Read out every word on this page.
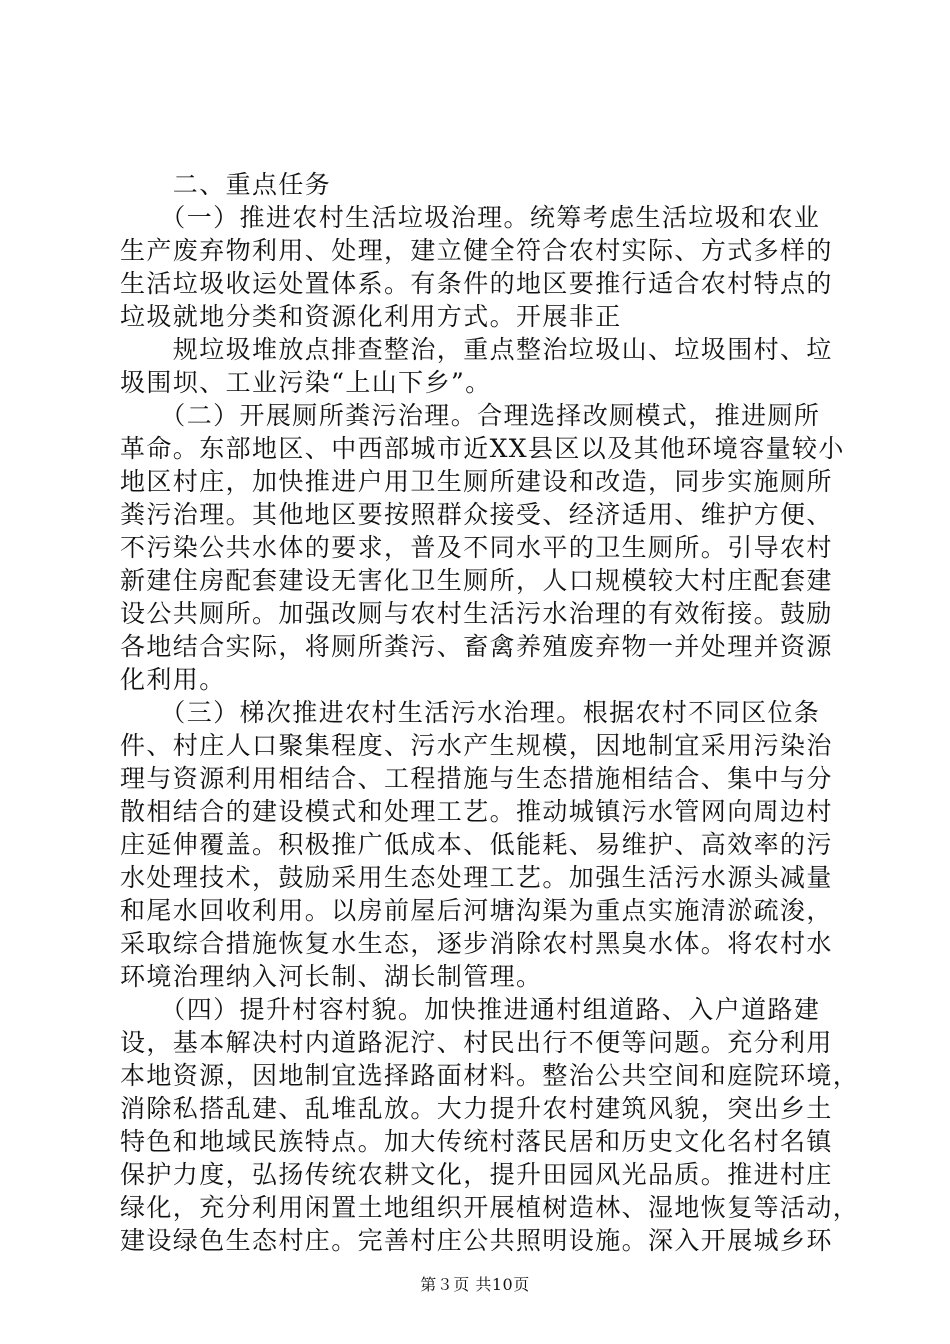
　　二、重点任务
　　（一）推进农村生活垃圾治理。统筹考虑生活垃圾和农业
生产废弃物利用、处理，建立健全符合农村实际、方式多样的
生活垃圾收运处置体系。有条件的地区要推行适合农村特点的
垃圾就地分类和资源化利用方式。开展非正
　　规垃圾堆放点排查整治，重点整治垃圾山、垃圾围村、垃
圾围坝、工业污染“上山下乡”。
　　（二）开展厕所粪污治理。合理选择改厕模式，推进厕所
革命。东部地区、中西部城市近XX县区以及其他环境容量较小
地区村庄，加快推进户用卫生厕所建设和改造，同步实施厕所
粪污治理。其他地区要按照群众接受、经济适用、维护方便、
不污染公共水体的要求，普及不同水平的卫生厕所。引导农村
新建住房配套建设无害化卫生厕所，人口规模较大村庄配套建
设公共厕所。加强改厕与农村生活污水治理的有效衔接。鼓励
各地结合实际，将厕所粪污、畜禽养殖废弃物一并处理并资源
化利用。
　　（三）梯次推进农村生活污水治理。根据农村不同区位条
件、村庄人口聚集程度、污水产生规模，因地制宜采用污染治
理与资源利用相结合、工程措施与生态措施相结合、集中与分
散相结合的建设模式和处理工艺。推动城镇污水管网向周边村
庄延伸覆盖。积极推广低成本、低能耗、易维护、高效率的污
水处理技术，鼓励采用生态处理工艺。加强生活污水源头减量
和尾水回收利用。以房前屋后河塘沟渠为重点实施清淤疏浚，
采取综合措施恢复水生态，逐步消除农村黑臭水体。将农村水
环境治理纳入河长制、湖长制管理。
　　（四）提升村容村貌。加快推进通村组道路、入户道路建
设，基本解决村内道路泥泞、村民出行不便等问题。充分利用
本地资源，因地制宜选择路面材料。整治公共空间和庭院环境，
消除私搭乱建、乱堆乱放。大力提升农村建筑风貌，突出乡土
特色和地域民族特点。加大传统村落民居和历史文化名村名镇
保护力度，弘扬传统农耕文化，提升田园风光品质。推进村庄
绿化，充分利用闲置土地组织开展植树造林、湿地恢复等活动，
建设绿色生态村庄。完善村庄公共照明设施。深入开展城乡环
第３页 共10页
